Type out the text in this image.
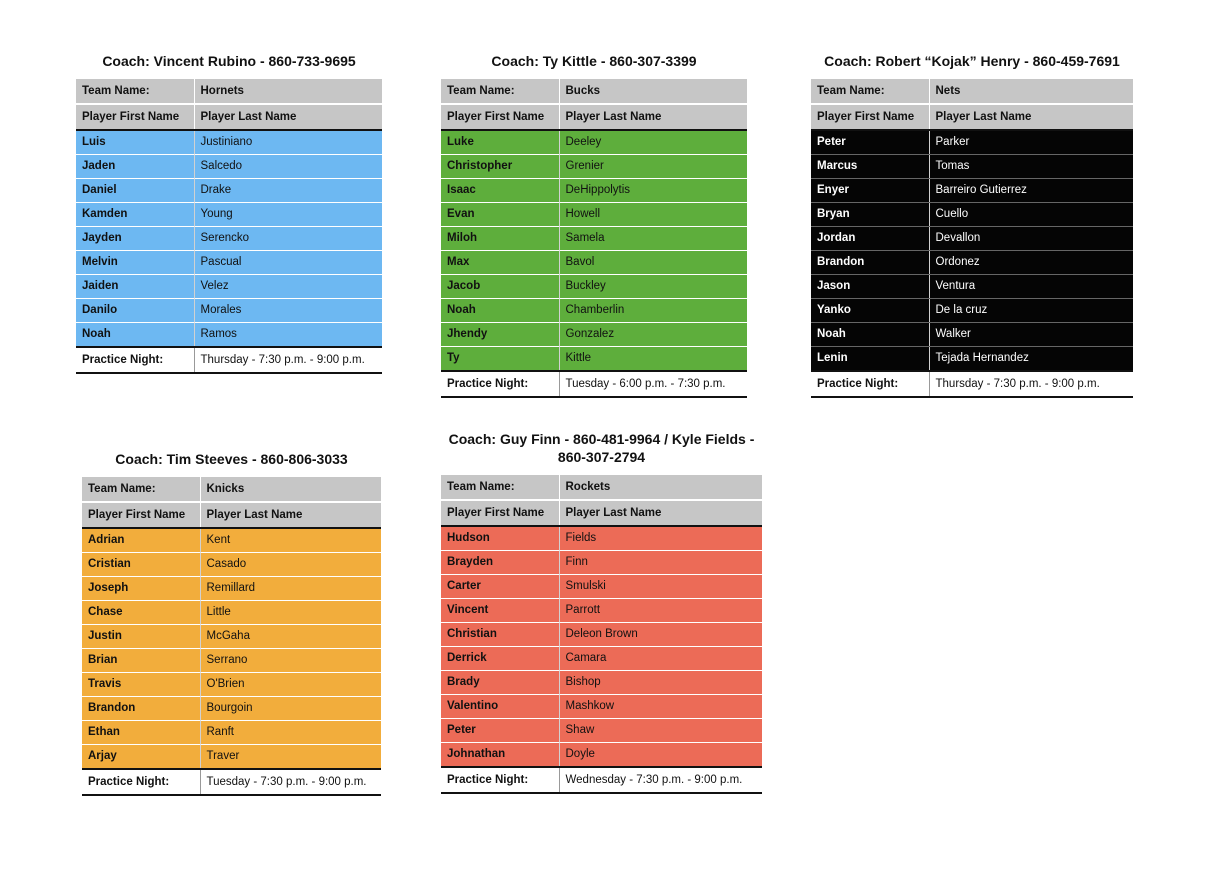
Coach: Vincent Rubino - 860-733-9695
Team Name:	Hornets
Player First Name	Player Last Name
Luis	Justiniano
Jaden	Salcedo
Daniel	Drake
Kamden	Young
Jayden	Serencko
Melvin	Pascual
Jaiden	Velez
Danilo	Morales
Noah	Ramos
Practice Night:	Thursday - 7:30 p.m. - 9:00 p.m.
Coach: Ty Kittle - 860-307-3399
Team Name:	Bucks
Player First Name	Player Last Name
Luke	Deeley
Christopher	Grenier
Isaac	DeHippolytis
Evan	Howell
Miloh	Samela
Max	Bavol
Jacob	Buckley
Noah	Chamberlin
Jhendy	Gonzalez
Ty	Kittle
Practice Night:	Tuesday - 6:00 p.m. - 7:30 p.m.
Coach: Robert “Kojak” Henry - 860-459-7691
Team Name:	Nets
Player First Name	Player Last Name
Peter	Parker
Marcus	Tomas
Enyer	Barreiro Gutierrez
Bryan	Cuello
Jordan	Devallon
Brandon	Ordonez
Jason	Ventura
Yanko	De la cruz
Noah	Walker
Lenin	Tejada Hernandez
Practice Night:	Thursday - 7:30 p.m. - 9:00 p.m.
Coach: Tim Steeves - 860-806-3033
Team Name:	Knicks
Player First Name	Player Last Name
Adrian	Kent
Cristian	Casado
Joseph	Remillard
Chase	Little
Justin	McGaha
Brian	Serrano
Travis	O'Brien
Brandon	Bourgoin
Ethan	Ranft
Arjay	Traver
Practice Night:	Tuesday - 7:30 p.m. - 9:00 p.m.
Coach: Guy Finn - 860-481-9964 / Kyle Fields - 860-307-2794
Team Name:	Rockets
Player First Name	Player Last Name
Hudson	Fields
Brayden	Finn
Carter	Smulski
Vincent	Parrott
Christian	Deleon Brown
Derrick	Camara
Brady	Bishop
Valentino	Mashkow
Peter	Shaw
Johnathan	Doyle
Practice Night:	Wednesday - 7:30 p.m. - 9:00 p.m.
